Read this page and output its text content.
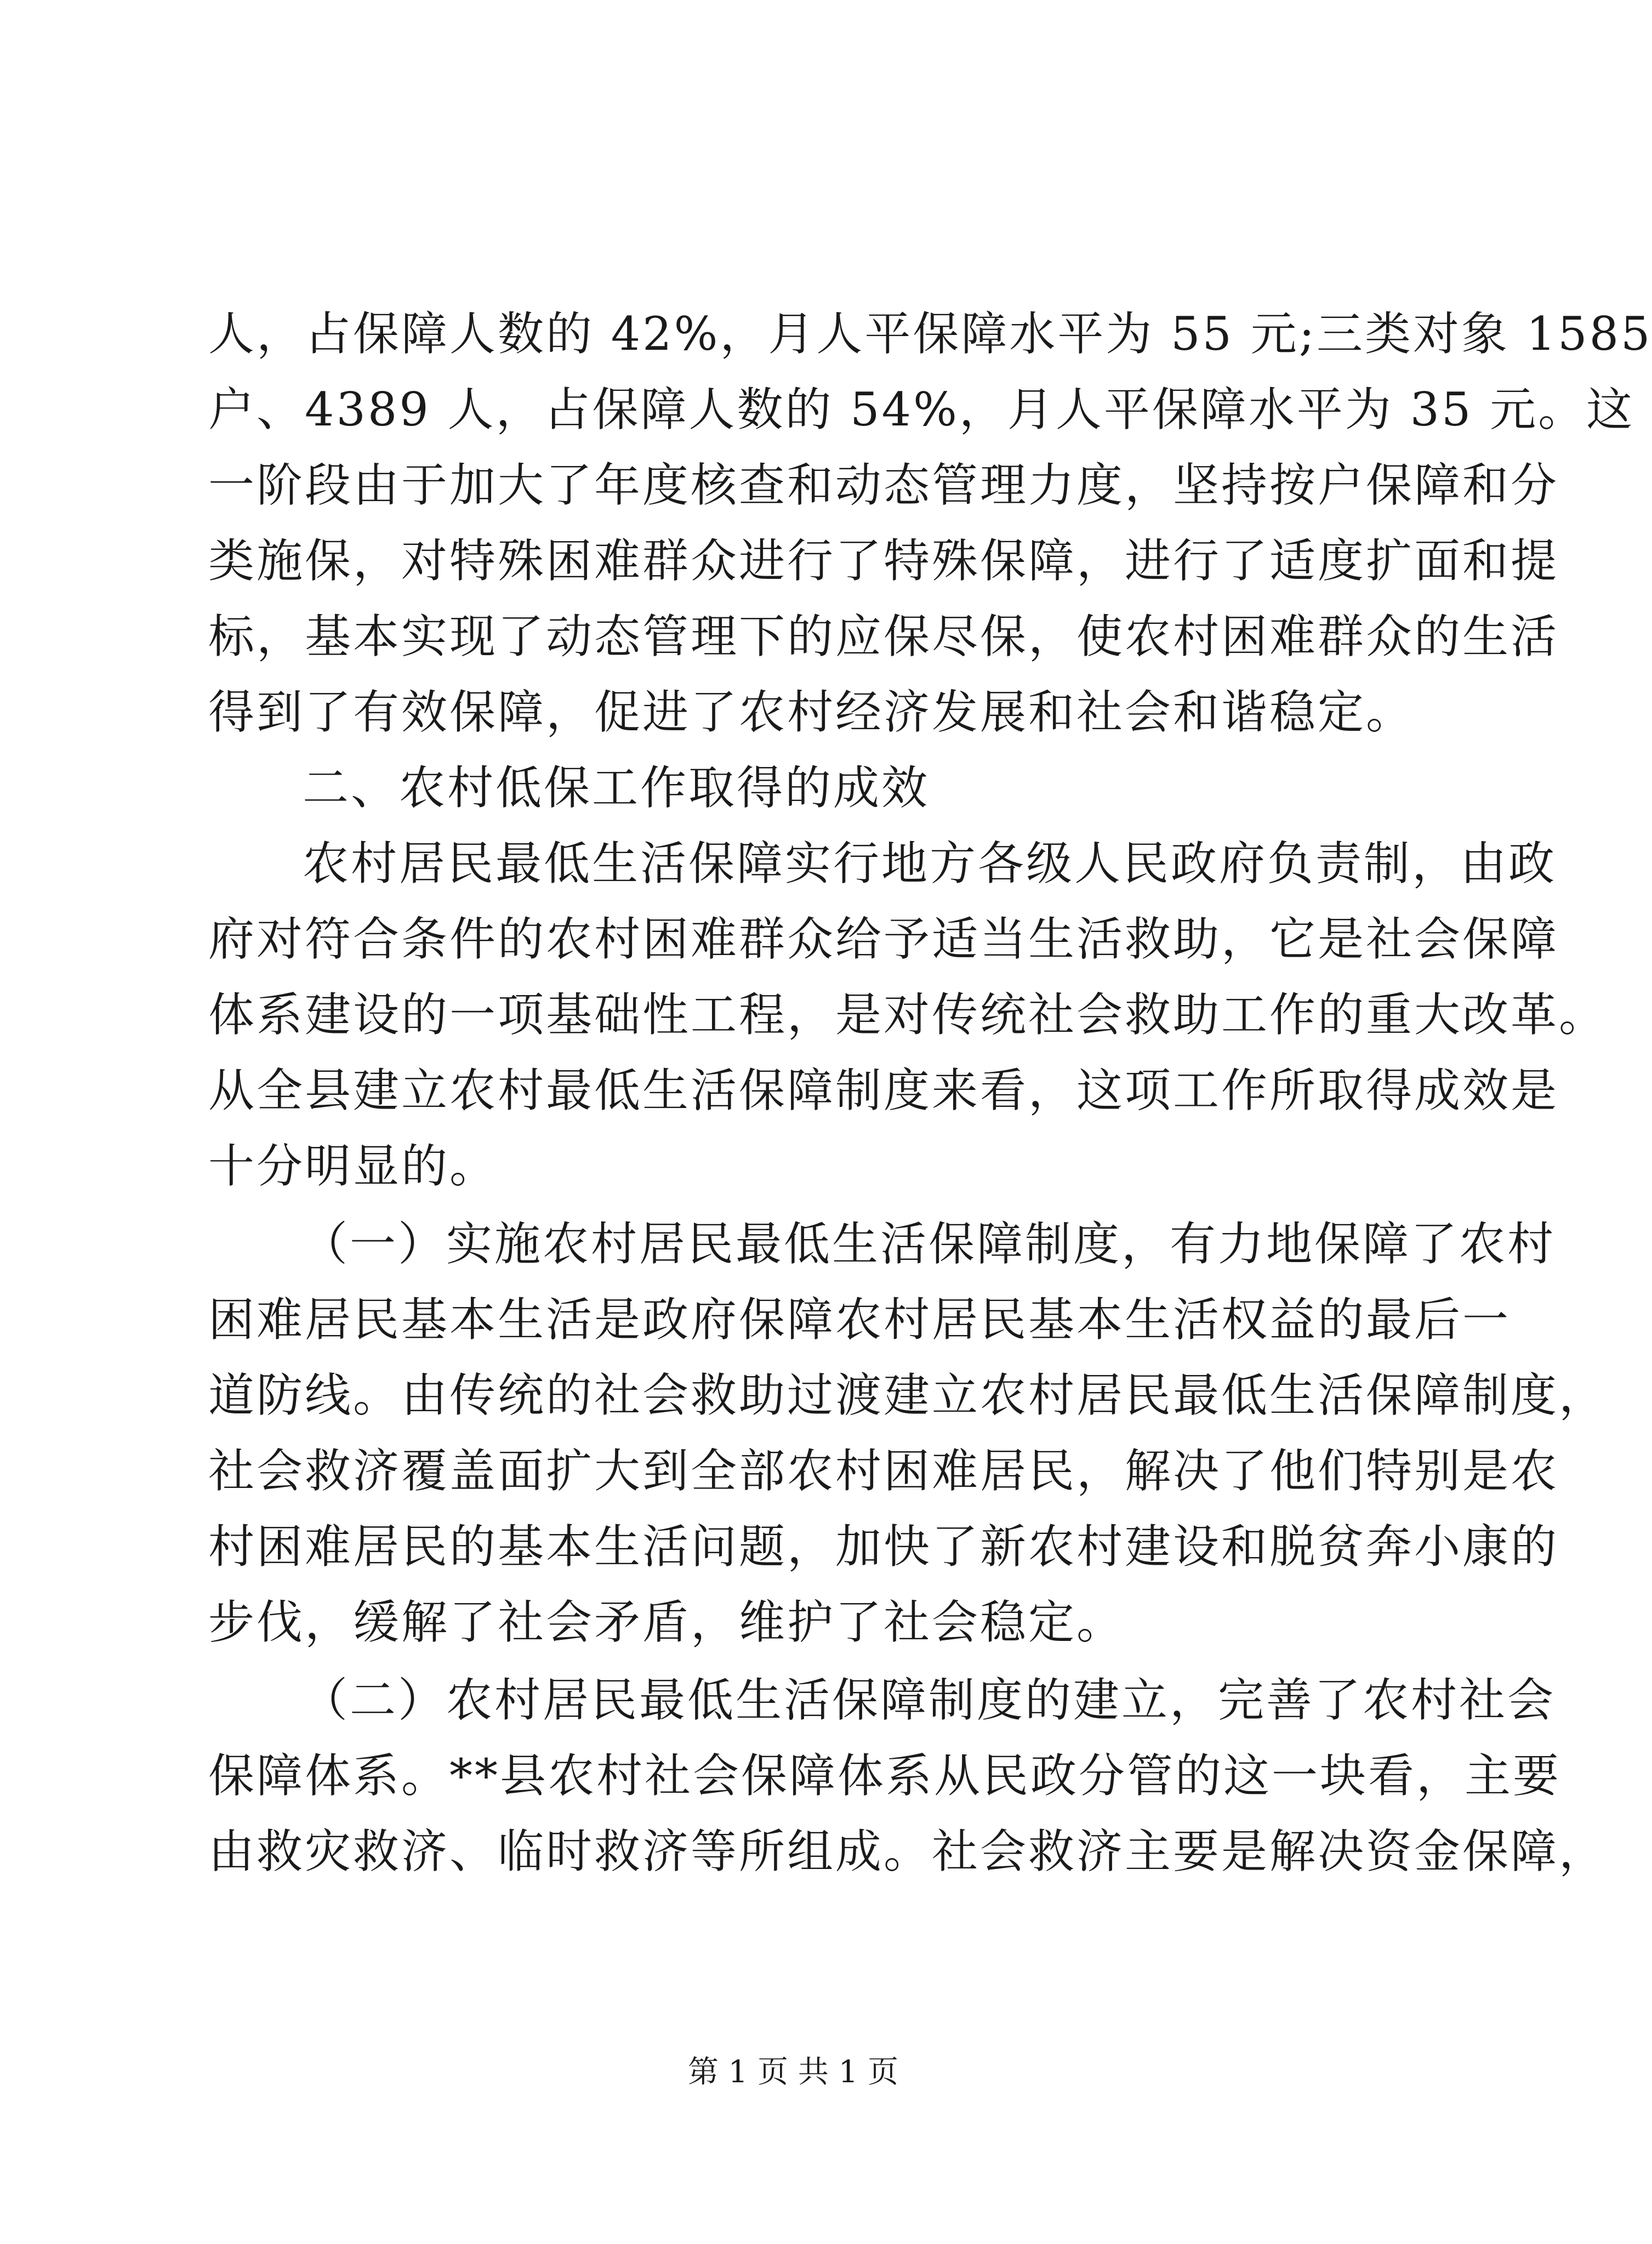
人，占保障人数的 42%，月人平保障水平为 55 元;三类对象 1585
户、4389 人，占保障人数的 54%，月人平保障水平为 35 元。这
一阶段由于加大了年度核查和动态管理力度，坚持按户保障和分
类施保，对特殊困难群众进行了特殊保障，进行了适度扩面和提
标，基本实现了动态管理下的应保尽保，使农村困难群众的生活
得到了有效保障，促进了农村经济发展和社会和谐稳定。
二、农村低保工作取得的成效
农村居民最低生活保障实行地方各级人民政府负责制，由政
府对符合条件的农村困难群众给予适当生活救助，它是社会保障
体系建设的一项基础性工程，是对传统社会救助工作的重大改革。
从全县建立农村最低生活保障制度来看，这项工作所取得成效是
十分明显的。
（一）实施农村居民最低生活保障制度，有力地保障了农村
困难居民基本生活是政府保障农村居民基本生活权益的最后一
道防线。由传统的社会救助过渡建立农村居民最低生活保障制度，
社会救济覆盖面扩大到全部农村困难居民，解决了他们特别是农
村困难居民的基本生活问题，加快了新农村建设和脱贫奔小康的
步伐，缓解了社会矛盾，维护了社会稳定。
（二）农村居民最低生活保障制度的建立，完善了农村社会
保障体系。**县农村社会保障体系从民政分管的这一块看，主要
由救灾救济、临时救济等所组成。社会救济主要是解决资金保障，
第 1 页 共 1 页
